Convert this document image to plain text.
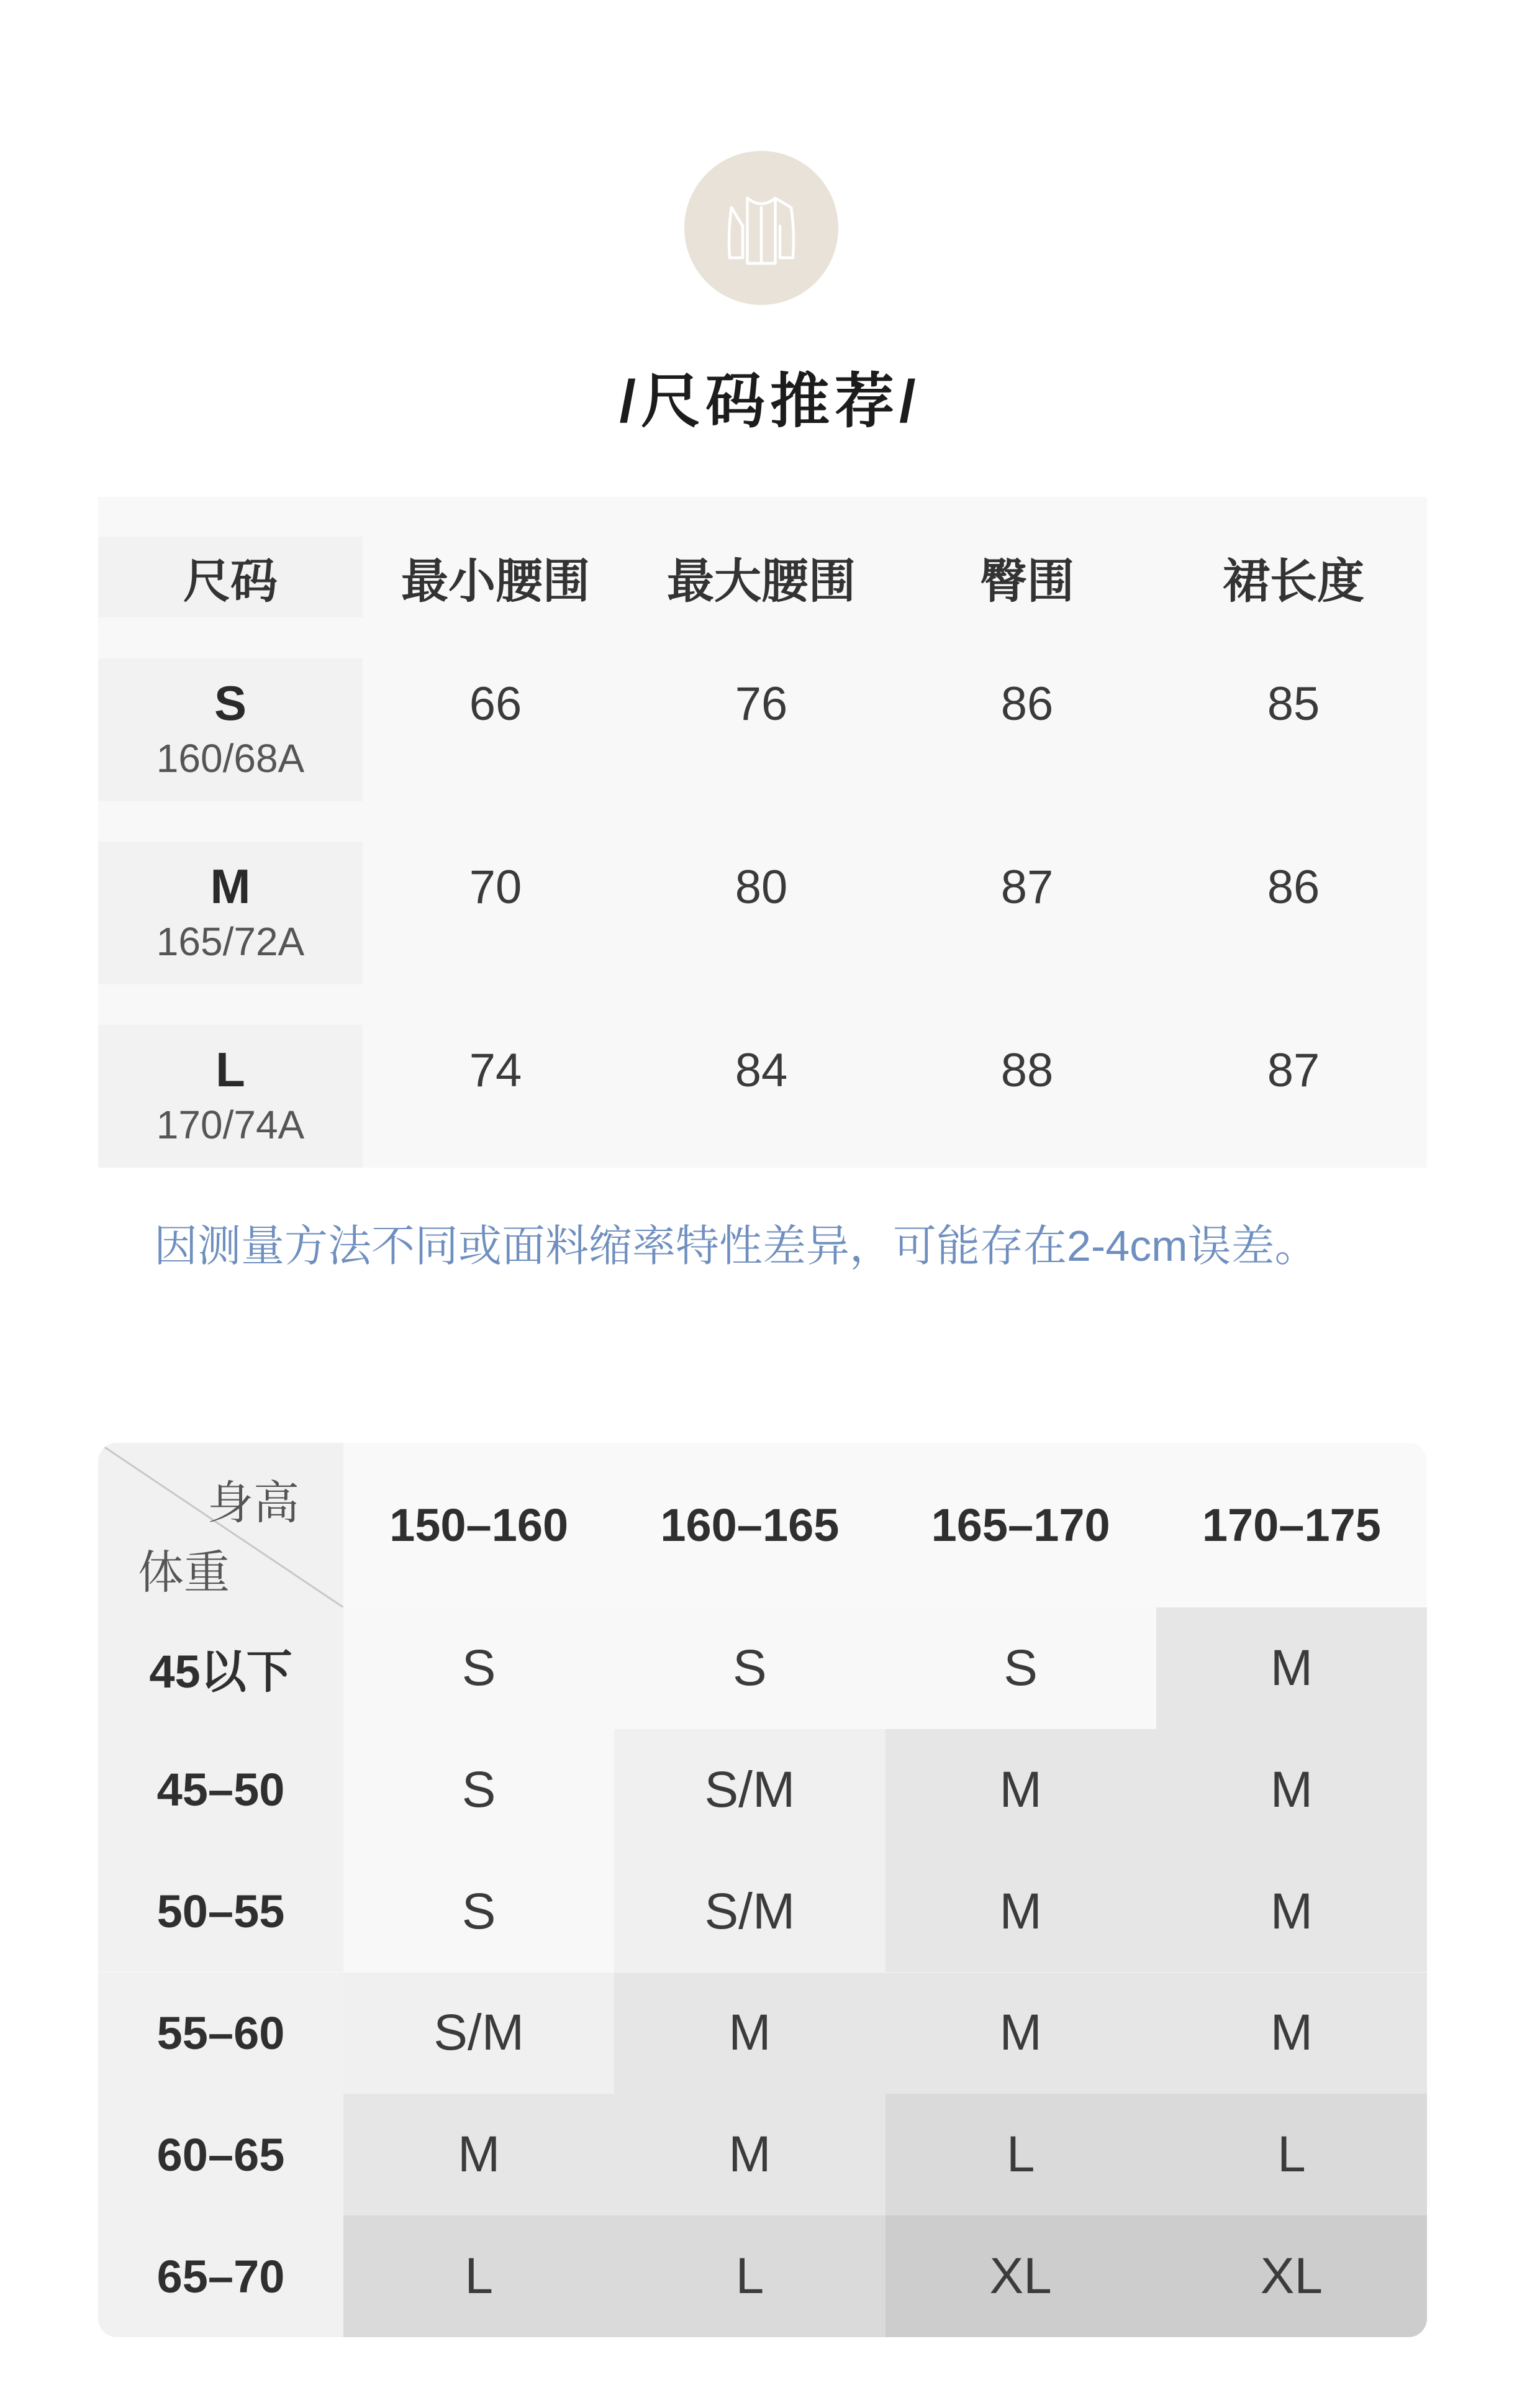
/尺码推荐/
尺码	最小腰围	最大腰围	臀围	裙长度
S
160/68A
66	76	86	85
M
165/72A
70	80	87	86
L
170/74A
74	84	88	87
因测量方法不同或面料缩率特性差异，可能存在2-4cm误差。
身高
体重
150–160	160–165	165–170	170–175
45以下	S	S	S	M
45–50	S	S/M	M	M
50–55	S	S/M	M	M
55–60	S/M	M	M	M
60–65	M	M	L	L
65–70	L	L	XL	XL
